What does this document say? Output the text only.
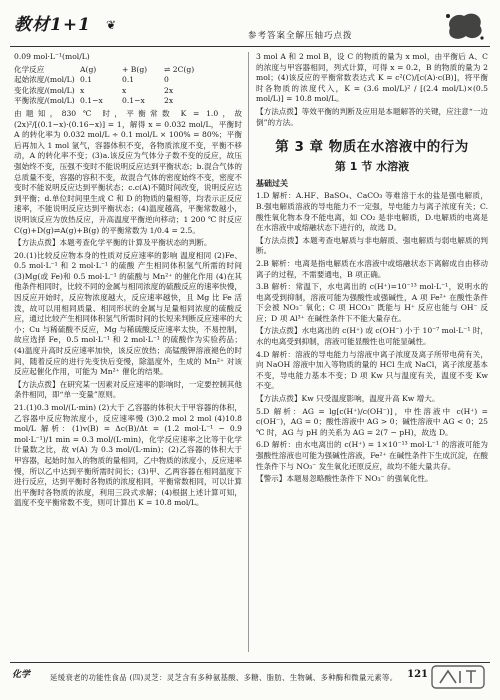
教材1+1 ❦
参考答案全解压轴巧点拨
0.09 mol·L⁻¹(mol/L)
化学反应	A(g)	+ B(g)	⇌ 2C(g)
起始浓度/(mol/L) 0.1	0.1	0
变化浓度/(mol/L) x	x	2x
平衡浓度/(mol/L) 0.1−x	0.1−x	2x
由题知，830 ℃ 时，平衡常数 K = 1.0，故 (2x)²/[(0.1−x)·(0.16−x)] = 1，解得 x = 0.032 mol/L，平衡时 A 的转化率为 0.032 mol/L ÷ 0.1 mol/L × 100% = 80%；平衡后再加入 1 mol 氩气，容器体积不变，各物质浓度不变，平衡不移动，A 的转化率不变；(3)a.该反应为气体分子数不变的反应，故压强始终不变，压强不变时不能说明反应达到平衡状态；b.混合气体的总质量不变，容器的容积不变，故混合气体的密度始终不变，密度不变时不能说明反应达到平衡状态；c.c(A)不随时间改变，说明反应达到平衡；d.单位时间里生成 C 和 D 的物质的量相等，均表示正反应速率，不能说明反应达到平衡状态；(4)温度越高，平衡常数越小，说明该反应为放热反应，升高温度平衡逆向移动；1 200 ℃ 时反应 C(g)+D(g)⇌A(g)+B(g) 的平衡常数为 1/0.4 = 2.5。
【方法点拨】本题考查化学平衡的计算及平衡状态的判断。
20.(1)比较反应物本身的性质对反应速率的影响 温度相同 (2)Fe、0.5 mol·L⁻¹ 和 2 mol·L⁻¹ 的硫酸 产生相同体积氢气所需的时间 (3)Mg(或 Fe)和 0.5 mol·L⁻¹ 的硫酸与 Mn²⁺ 的催化作用 (4)在其他条件相同时，比较不同的金属与相同浓度的硫酸反应的速率快慢，因反应开始时，反应物浓度越大，反应速率越快，且 Mg 比 Fe 活泼，故可以用相同质量、相同形状的金属与足量相同浓度的硫酸反应，通过比较产生相同体积氢气所需时间的长短来判断反应速率的大小；Cu 与稀硫酸不反应，Mg 与稀硫酸反应速率太快，不易控制，故应选择 Fe，0.5 mol·L⁻¹ 和 2 mol·L⁻¹ 的硫酸作为实验药品；(4)温度升高时反应速率加快，该反应放热；高锰酸钾溶液褪色的时间，随着反应的进行先变快后变慢，除温度外，生成的 Mn²⁺ 对该反应起催化作用，可能为 Mn²⁺ 催化的结果。
【方法点拨】在研究某一因素对反应速率的影响时，一定要控制其他条件相同，即“单一变量”原则。
21.(1)0.3 mol/(L·min) (2)大于 乙容器的体积大于甲容器的体积，乙容器中反应物浓度小，反应速率慢 (3)0.2 mol 2 mol (4)10.8 mol/L 解析：(1)v(B) = Δc(B)/Δt = (1.2 mol·L⁻¹ − 0.9 mol·L⁻¹)/1 min = 0.3 mol/(L·min)，化学反应速率之比等于化学计量数之比，故 v(A) 为 0.3 mol/(L·min)；(2)乙容器的体积大于甲容器，起始时加入的物质的量相同，乙中物质的浓度小，反应速率慢，所以乙中达到平衡所需时间长；(3)甲、乙两容器在相同温度下进行反应，达到平衡时各物质的浓度相同，平衡常数相同，可以计算出平衡时各物质的浓度，利用三段式求解；(4)根据上述计算可知，温度不变平衡常数不变，则可计算出 K = 10.8 mol/L。
3 mol A 和 2 mol B，设 C 的物质的量为 x mol，由平衡后 A、C 的浓度与甲容器相同，列式计算，可得 x = 0.2，B 的物质的量为 2 mol；(4)该反应的平衡常数表达式 K = c²(C)/[c(A)·c(B)]，将平衡时各物质的浓度代入，K = (3.6 mol/L)² / [(2.4 mol/L)×(0.5 mol/L)] = 10.8 mol/L。
【方法点拨】等效平衡的判断及应用是本题解答的关键，应注意“一边倒”的方法。
第 3 章 物质在水溶液中的行为
第 1 节 水溶液
基础过关
1.D 解析：A.HF、BaSO₄、CaCO₃ 等难溶于水的盐是强电解质，B.强电解质溶液的导电能力不一定强，导电能力与离子浓度有关；C.酸性氧化物本身不能电离，如 CO₂ 是非电解质，D.电解质的电离是在水溶液中或熔融状态下进行的，故选 D。
【方法点拨】本题考查电解质与非电解质、强电解质与弱电解质的判断。
2.B 解析：电离是指电解质在水溶液中或熔融状态下离解成自由移动离子的过程，不需要通电，B 项正确。
3.B 解析：常温下，水电离出的 c(H⁺)=10⁻¹³ mol·L⁻¹，说明水的电离受到抑制，溶液可能为强酸性或强碱性，A 项 Fe²⁺ 在酸性条件下会被 NO₃⁻ 氧化；C 项 HCO₃⁻ 既能与 H⁺ 反应也能与 OH⁻ 反应；D 项 Al³⁺ 在碱性条件下不能大量存在。
【方法点拨】水电离出的 c(H⁺) 或 c(OH⁻) 小于 10⁻⁷ mol·L⁻¹ 时，水的电离受到抑制，溶液可能显酸性也可能显碱性。
4.D 解析：溶液的导电能力与溶液中离子浓度及离子所带电荷有关，向 NaOH 溶液中加入等物质的量的 HCl 生成 NaCl，离子浓度基本不变，导电能力基本不变；D 项 Kw 只与温度有关，温度不变 Kw 不变。
【方法点拨】Kw 只受温度影响，温度升高 Kw 增大。
5.D 解析：AG = lg[c(H⁺)/c(OH⁻)]，中性溶液中 c(H⁺) = c(OH⁻)，AG = 0；酸性溶液中 AG > 0；碱性溶液中 AG < 0；25 ℃ 时，AG 与 pH 的关系为 AG = 2(7 − pH)，故选 D。
6.D 解析：由水电离出的 c(H⁺) = 1×10⁻¹³ mol·L⁻¹ 的溶液可能为强酸性溶液也可能为强碱性溶液，Fe²⁺ 在碱性条件下生成沉淀，在酸性条件下与 NO₃⁻ 发生氧化还原反应，故均不能大量共存。
【警示】本题易忽略酸性条件下 NO₃⁻ 的强氧化性。
化学	延缓衰老的功能性食品 (四)灵芝：灵芝含有多种氨基酸、多糖、脂肪、生物碱、多种酶和微量元素等。 121
